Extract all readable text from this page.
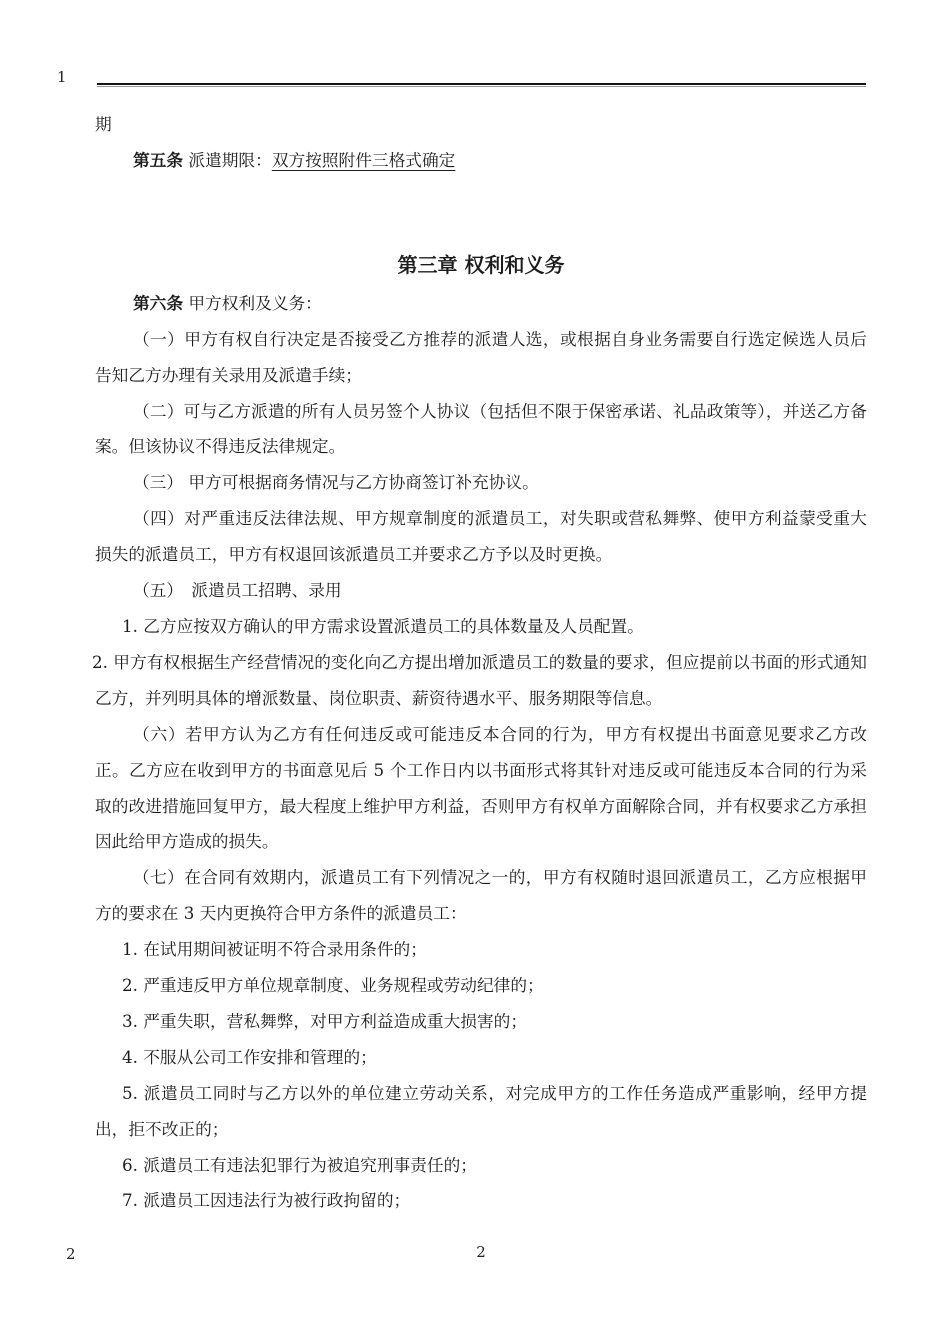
1

期

第五条 派遣期限：双方按照附件三格式确定

第三章 权利和义务

第六条 甲方权利及义务：

（一）甲方有权自行决定是否接受乙方推荐的派遣人选，或根据自身业务需要自行选定候选人员后告知乙方办理有关录用及派遣手续；

（二）可与乙方派遣的所有人员另签个人协议（包括但不限于保密承诺、礼品政策等），并送乙方备案。但该协议不得违反法律规定。

（三） 甲方可根据商务情况与乙方协商签订补充协议。

（四）对严重违反法律法规、甲方规章制度的派遣员工，对失职或营私舞弊、使甲方利益蒙受重大损失的派遣员工，甲方有权退回该派遣员工并要求乙方予以及时更换。

（五）　派遣员工招聘、录用

1. 乙方应按双方确认的甲方需求设置派遣员工的具体数量及人员配置。

2. 甲方有权根据生产经营情况的变化向乙方提出增加派遣员工的数量的要求，但应提前以书面的形式通知乙方，并列明具体的增派数量、岗位职责、薪资待遇水平、服务期限等信息。

（六）若甲方认为乙方有任何违反或可能违反本合同的行为，甲方有权提出书面意见要求乙方改正。乙方应在收到甲方的书面意见后 5 个工作日内以书面形式将其针对违反或可能违反本合同的行为采取的改进措施回复甲方，最大程度上维护甲方利益，否则甲方有权单方面解除合同，并有权要求乙方承担因此给甲方造成的损失。

（七）在合同有效期内，派遣员工有下列情况之一的，甲方有权随时退回派遣员工，乙方应根据甲方的要求在 3 天内更换符合甲方条件的派遣员工：

1. 在试用期间被证明不符合录用条件的；

2. 严重违反甲方单位规章制度、业务规程或劳动纪律的；

3. 严重失职，营私舞弊，对甲方利益造成重大损害的；

4. 不服从公司工作安排和管理的；

5. 派遣员工同时与乙方以外的单位建立劳动关系，对完成甲方的工作任务造成严重影响，经甲方提出，拒不改正的；

6. 派遣员工有违法犯罪行为被追究刑事责任的；

7. 派遣员工因违法行为被行政拘留的；

2	2
